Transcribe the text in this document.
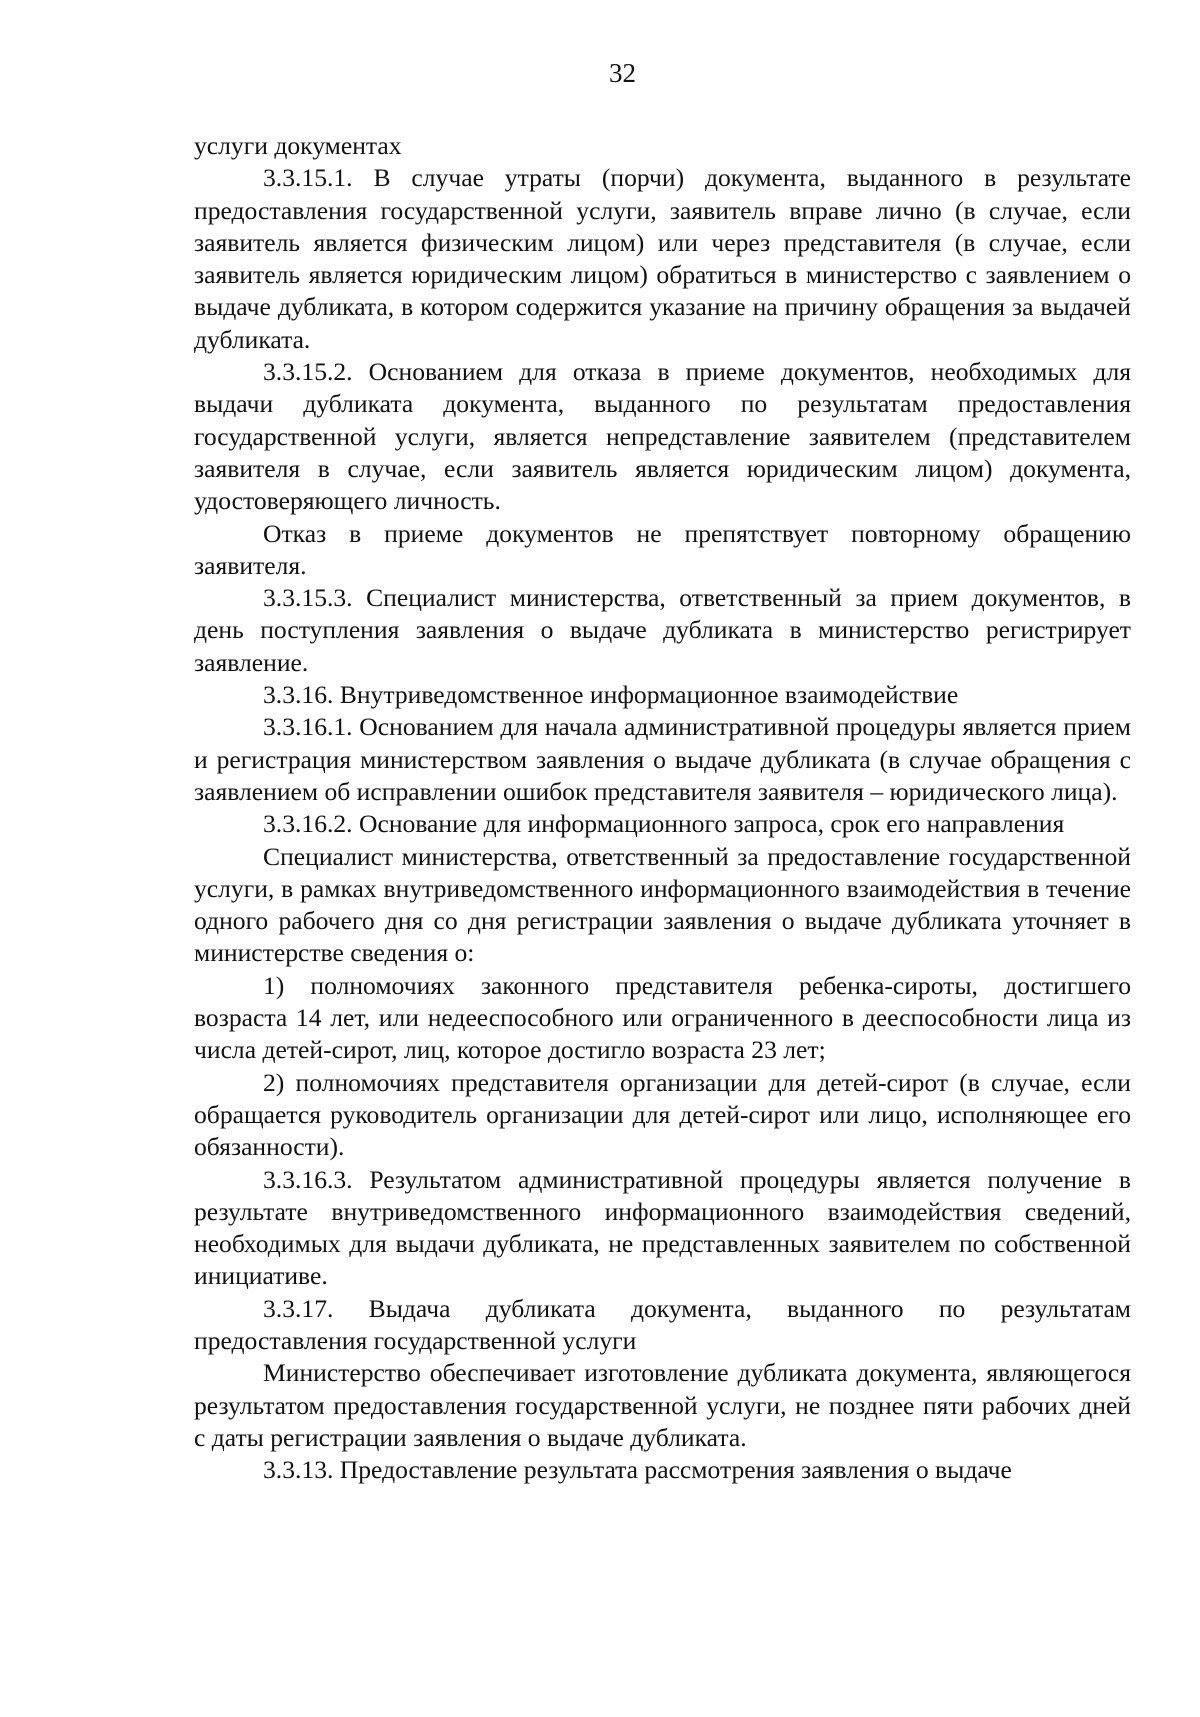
32

услуги документах

3.3.15.1. В случае утраты (порчи) документа, выданного в результате предоставления государственной услуги, заявитель вправе лично (в случае, если заявитель является физическим лицом) или через представителя (в случае, если заявитель является юридическим лицом) обратиться в министерство с заявлением о выдаче дубликата, в котором содержится указание на причину обращения за выдачей дубликата.

3.3.15.2. Основанием для отказа в приеме документов, необходимых для выдачи дубликата документа, выданного по результатам предоставления государственной услуги, является непредставление заявителем (представителем заявителя в случае, если заявитель является юридическим лицом) документа, удостоверяющего личность.

Отказ в приеме документов не препятствует повторному обращению заявителя.

3.3.15.3. Специалист министерства, ответственный за прием документов, в день поступления заявления о выдаче дубликата в министерство регистрирует заявление.

3.3.16. Внутриведомственное информационное взаимодействие

3.3.16.1. Основанием для начала административной процедуры является прием и регистрация министерством заявления о выдаче дубликата (в случае обращения с заявлением об исправлении ошибок представителя заявителя – юридического лица).

3.3.16.2. Основание для информационного запроса, срок его направления

Специалист министерства, ответственный за предоставление государственной услуги, в рамках внутриведомственного информационного взаимодействия в течение одного рабочего дня со дня регистрации заявления о выдаче дубликата уточняет в министерстве сведения о:

1) полномочиях законного представителя ребенка-сироты, достигшего возраста 14 лет, или недееспособного или ограниченного в дееспособности лица из числа детей-сирот, лиц, которое достигло возраста 23 лет;

2) полномочиях представителя организации для детей-сирот (в случае, если обращается руководитель организации для детей-сирот или лицо, исполняющее его обязанности).

3.3.16.3. Результатом административной процедуры является получение в результате внутриведомственного информационного взаимодействия сведений, необходимых для выдачи дубликата, не представленных заявителем по собственной инициативе.

3.3.17. Выдача дубликата документа, выданного по результатам предоставления государственной услуги

Министерство обеспечивает изготовление дубликата документа, являющегося результатом предоставления государственной услуги, не позднее пяти рабочих дней с даты регистрации заявления о выдаче дубликата.

3.3.13. Предоставление результата рассмотрения заявления о выдаче
